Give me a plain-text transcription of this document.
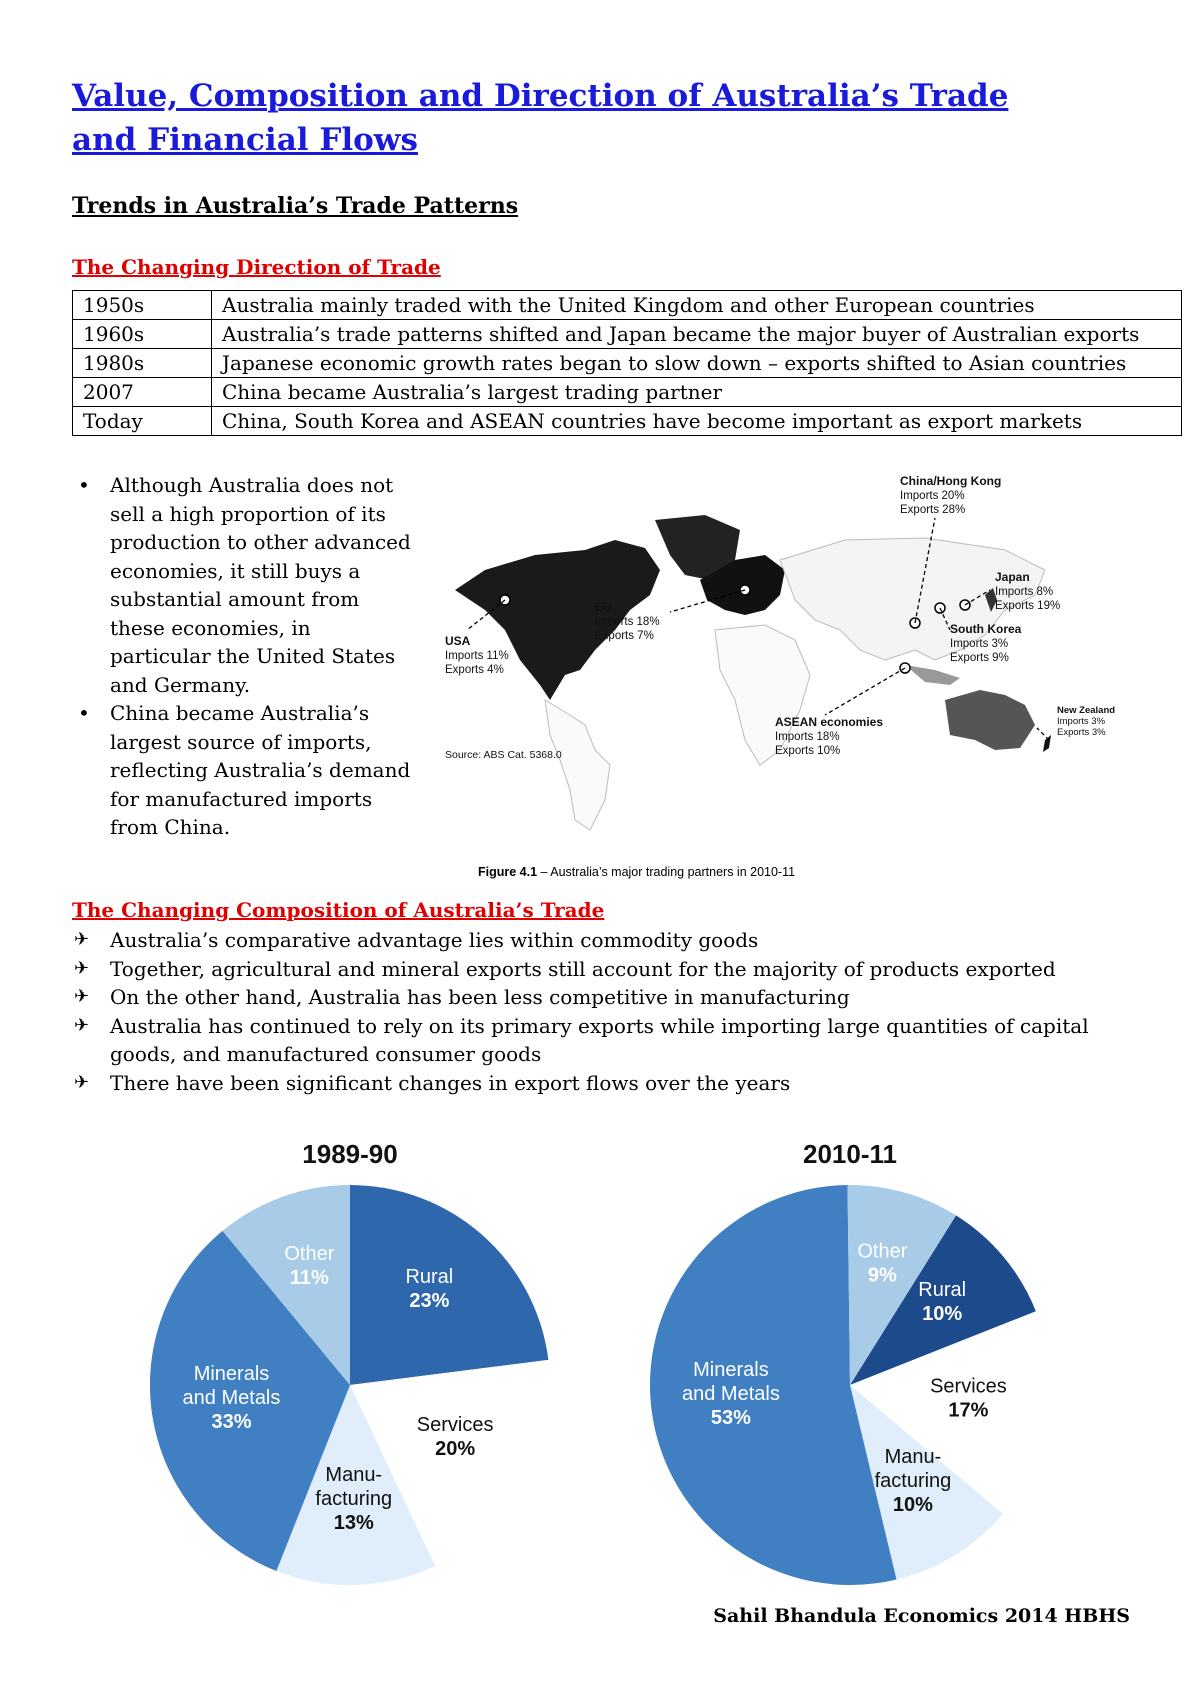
Value, Composition and Direction of Australia’s Trade and Financial Flows
Trends in Australia’s Trade Patterns
The Changing Direction of Trade
1950s	Australia mainly traded with the United Kingdom and other European countries
1960s	Australia’s trade patterns shifted and Japan became the major buyer of Australian exports
1980s	Japanese economic growth rates began to slow down – exports shifted to Asian countries
2007	China became Australia’s largest trading partner
Today	China, South Korea and ASEAN countries have become important as export markets
• Although Australia does not sell a high proportion of its production to other advanced economies, it still buys a substantial amount from these economies, in particular the United States and Germany.
• China became Australia’s largest source of imports, reflecting Australia’s demand for manufactured imports from China.
China/Hong Kong
Imports 20%
Exports 28%
Japan
Imports 8%
Exports 19%
South Korea
Imports 3%
Exports 9%
EU
Imports 18%
Exports 7%
USA
Imports 11%
Exports 4%
ASEAN economies
Imports 18%
Exports 10%
New Zealand
Imports 3%
Exports 3%
Source: ABS Cat. 5368.0
Figure 4.1 – Australia’s major trading partners in 2010-11
The Changing Composition of Australia’s Trade
✈ Australia’s comparative advantage lies within commodity goods
✈ Together, agricultural and mineral exports still account for the majority of products exported
✈ On the other hand, Australia has been less competitive in manufacturing
✈ Australia has continued to rely on its primary exports while importing large quantities of capital goods, and manufactured consumer goods
✈ There have been significant changes in export flows over the years
1989-90
Rural 23%
Services 20%
Manu-facturing 13%
Minerals and Metals 33%
Other 11%
2010-11
Rural 10%
Services 17%
Manu-facturing 10%
Minerals and Metals 53%
Other 9%
Sahil Bhandula Economics 2014 HBHS
